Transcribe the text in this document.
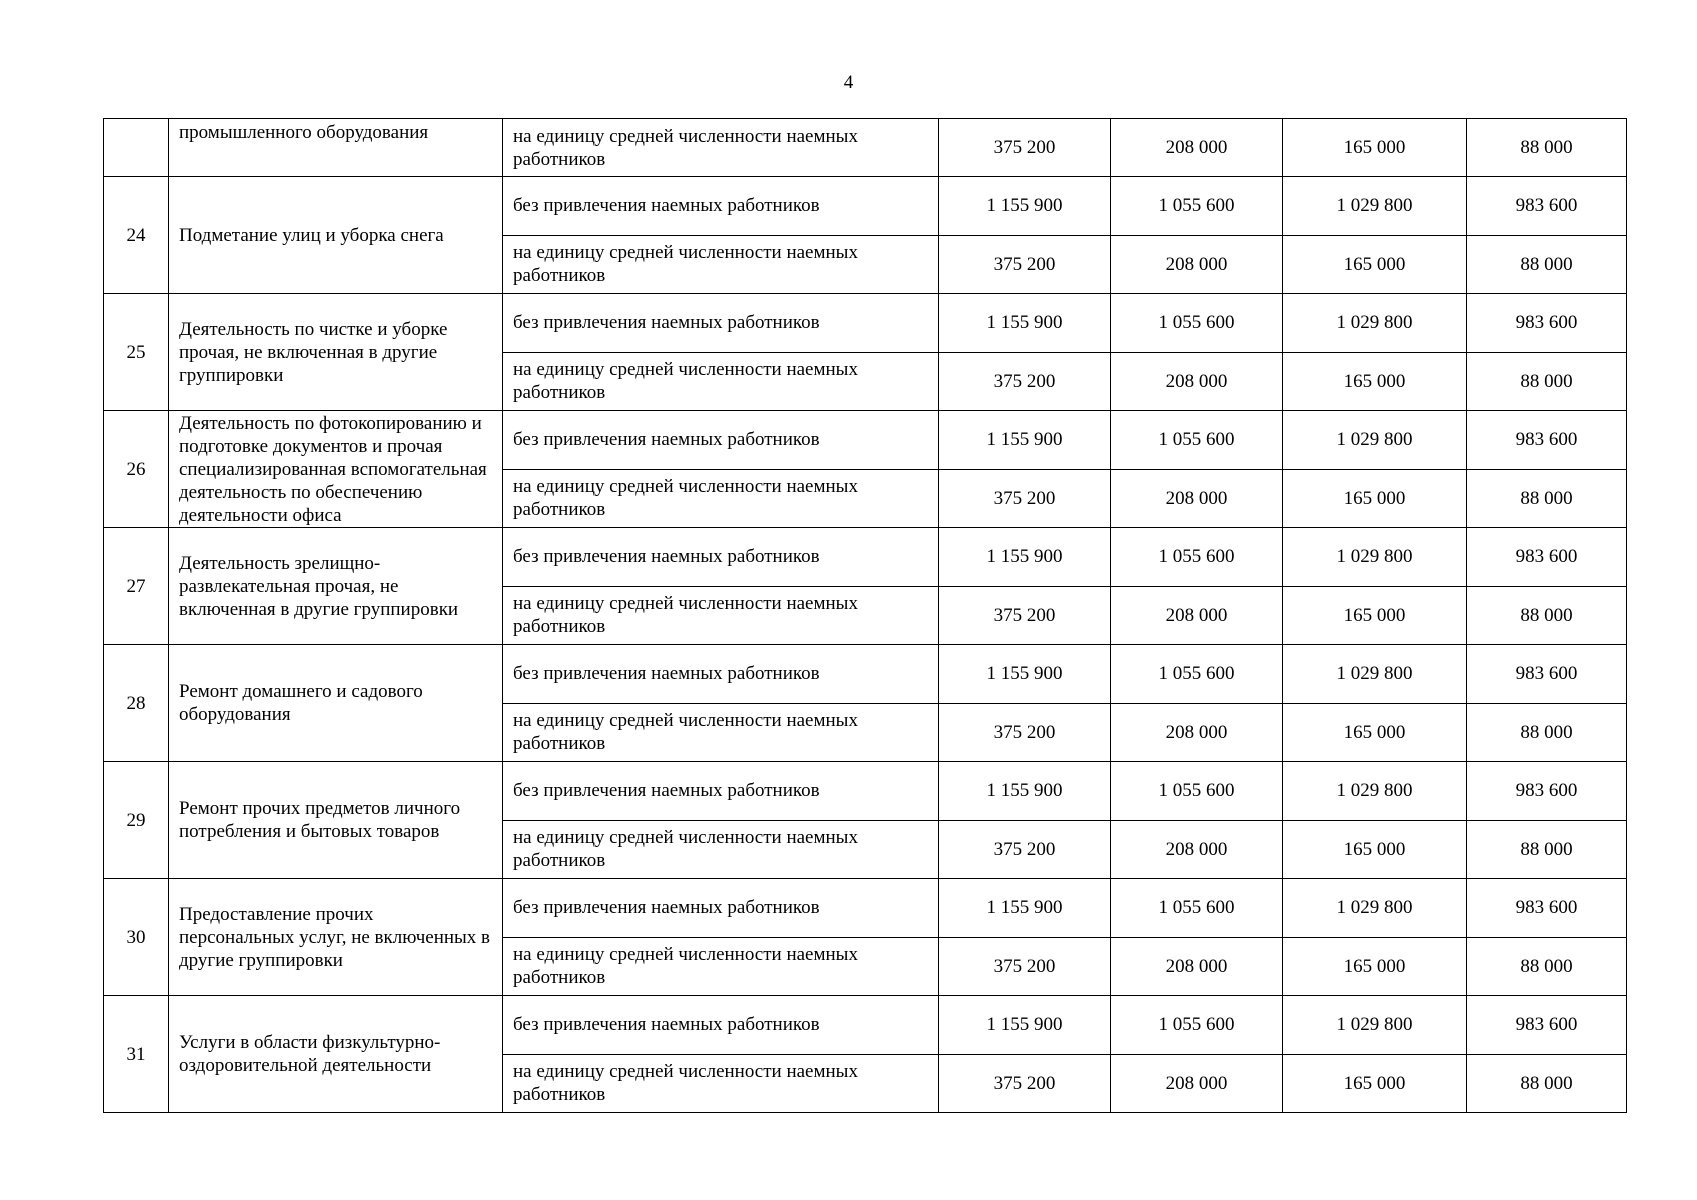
4
	промышленного оборудования	на единицу средней численности наемных работников	375 200	208 000	165 000	88 000
24	Подметание улиц и уборка снега	без привлечения наемных работников	1 155 900	1 055 600	1 029 800	983 600
		на единицу средней численности наемных работников	375 200	208 000	165 000	88 000
25	Деятельность по чистке и уборке прочая, не включенная в другие группировки	без привлечения наемных работников	1 155 900	1 055 600	1 029 800	983 600
		на единицу средней численности наемных работников	375 200	208 000	165 000	88 000
26	Деятельность по фотокопированию и подготовке документов и прочая специализированная вспомогательная деятельность по обеспечению деятельности офиса	без привлечения наемных работников	1 155 900	1 055 600	1 029 800	983 600
		на единицу средней численности наемных работников	375 200	208 000	165 000	88 000
27	Деятельность зрелищно-развлекательная прочая, не включенная в другие группировки	без привлечения наемных работников	1 155 900	1 055 600	1 029 800	983 600
		на единицу средней численности наемных работников	375 200	208 000	165 000	88 000
28	Ремонт домашнего и садового оборудования	без привлечения наемных работников	1 155 900	1 055 600	1 029 800	983 600
		на единицу средней численности наемных работников	375 200	208 000	165 000	88 000
29	Ремонт прочих предметов личного потребления и бытовых товаров	без привлечения наемных работников	1 155 900	1 055 600	1 029 800	983 600
		на единицу средней численности наемных работников	375 200	208 000	165 000	88 000
30	Предоставление прочих персональных услуг, не включенных в другие группировки	без привлечения наемных работников	1 155 900	1 055 600	1 029 800	983 600
		на единицу средней численности наемных работников	375 200	208 000	165 000	88 000
31	Услуги в области физкультурно-оздоровительной деятельности	без привлечения наемных работников	1 155 900	1 055 600	1 029 800	983 600
		на единицу средней численности наемных работников	375 200	208 000	165 000	88 000
